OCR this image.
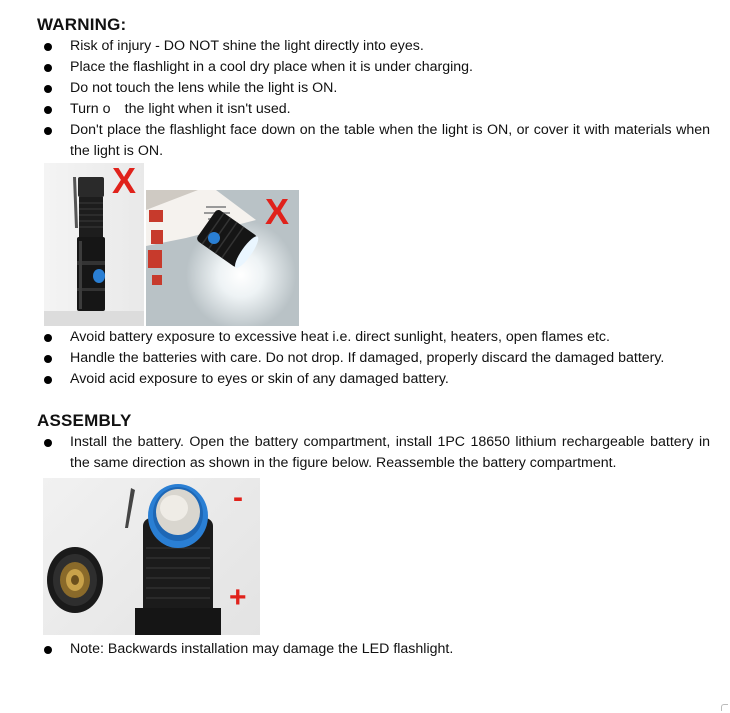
WARNING:
Risk of injury - DO NOT shine the light directly into eyes.
Place the flashlight in a cool dry place when it is under charging.
Do not touch the lens while the light is ON.
Turn o the light when it isn't used.
Don't place the flashlight face down on the table when the light is ON, or cover it with materials when the light is ON.
X
X
Avoid battery exposure to excessive heat i.e. direct sunlight, heaters, open flames etc.
Handle the batteries with care. Do not drop. If damaged, properly discard the damaged battery.
Avoid acid exposure to eyes or skin of any damaged battery.
ASSEMBLY
Install the battery. Open the battery compartment, install 1PC 18650 lithium rechargeable battery in the same direction as shown in the figure below. Reassemble the battery compartment.
-
+
Note: Backwards installation may damage the LED flashlight.
